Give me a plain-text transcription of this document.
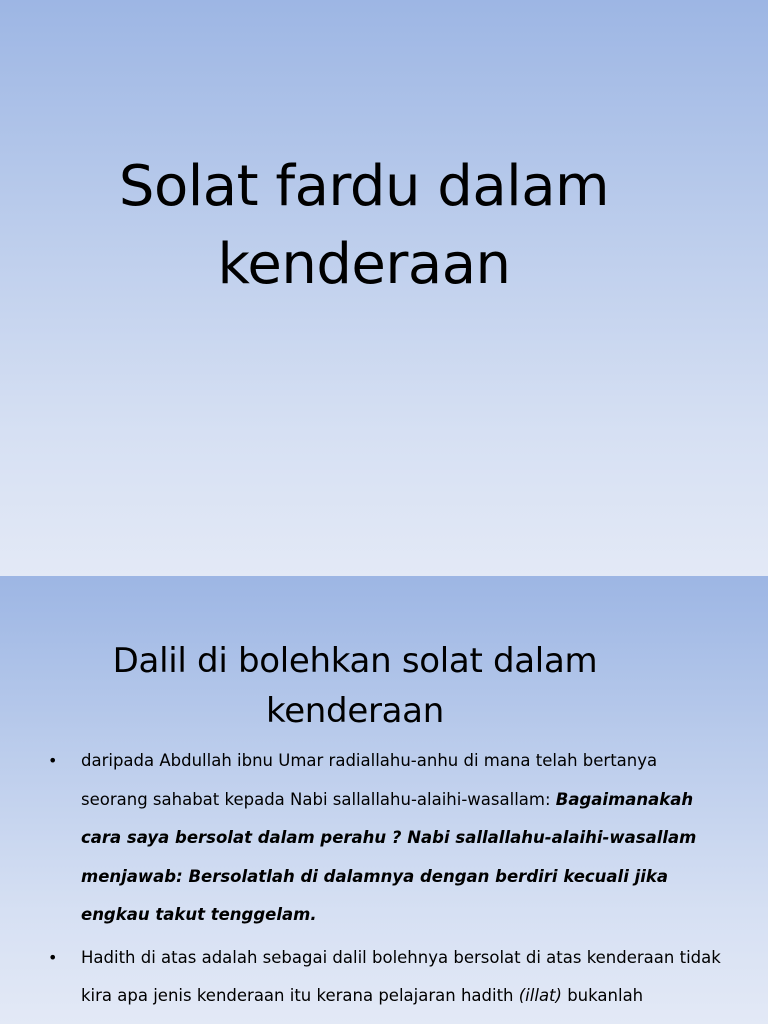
Solat fardu dalam
kenderaan
Dalil di bolehkan solat dalam
kenderaan
• daripada Abdullah ibnu Umar radiallahu-anhu di mana telah bertanya seorang sahabat kepada Nabi sallallahu-alaihi-wasallam: Bagaimanakah cara saya bersolat dalam perahu ? Nabi sallallahu-alaihi-wasallam menjawab: Bersolatlah di dalamnya dengan berdiri kecuali jika engkau takut tenggelam.
• Hadith di atas adalah sebagai dalil bolehnya bersolat di atas kenderaan tidak kira apa jenis kenderaan itu kerana pelajaran hadith (illat) bukanlah
